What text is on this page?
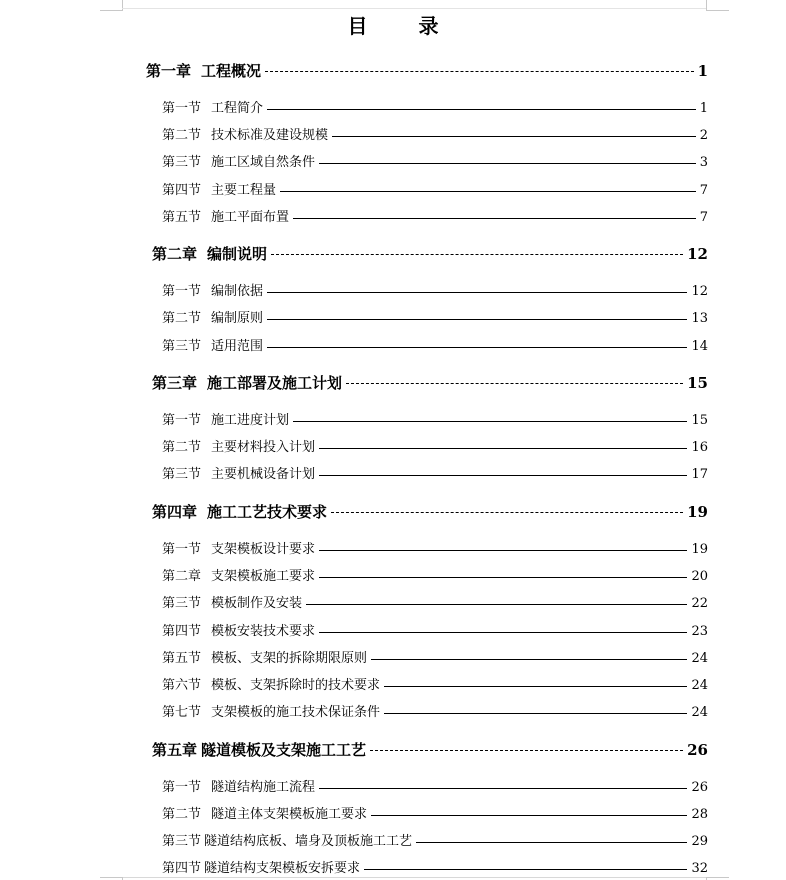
目 录
第一章 工程概况	1
第一节 工程简介	1
第二节 技术标准及建设规模	2
第三节 施工区域自然条件	3
第四节 主要工程量	7
第五节 施工平面布置	7
第二章 编制说明	12
第一节 编制依据	12
第二节 编制原则	13
第三节 适用范围	14
第三章 施工部署及施工计划	15
第一节 施工进度计划	15
第二节 主要材料投入计划	16
第三节 主要机械设备计划	17
第四章 施工工艺技术要求	19
第一节 支架模板设计要求	19
第二章 支架模板施工要求	20
第三节 模板制作及安装	22
第四节 模板安装技术要求	23
第五节 模板、支架的拆除期限原则	24
第六节 模板、支架拆除时的技术要求	24
第七节 支架模板的施工技术保证条件	24
第五章 隧道模板及支架施工工艺	26
第一节 隧道结构施工流程	26
第二节 隧道主体支架模板施工要求	28
第三节 隧道结构底板、墙身及顶板施工工艺	29
第四节 隧道结构支架模板安拆要求	32
